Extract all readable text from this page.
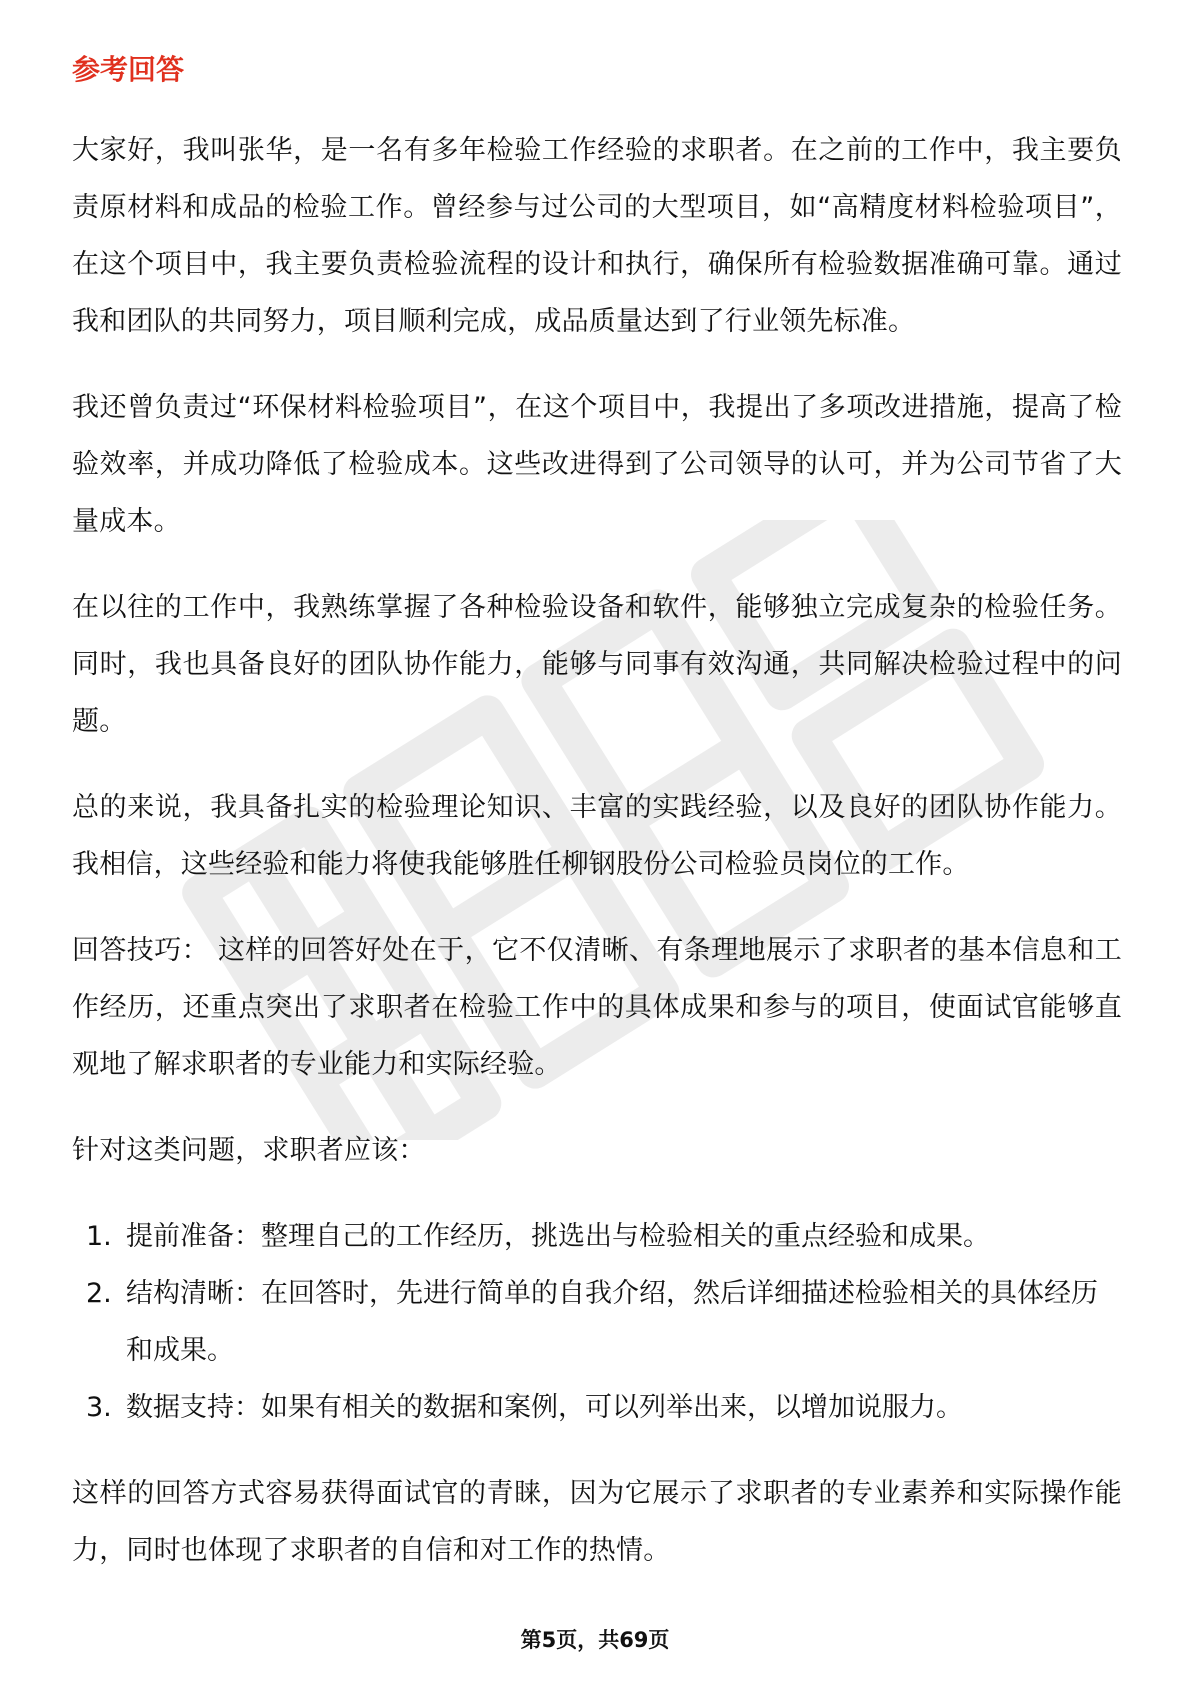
参考回答

大家好，我叫张华，是一名有多年检验工作经验的求职者。在之前的工作中，我主要负责原材料和成品的检验工作。曾经参与过公司的大型项目，如“高精度材料检验项目”，在这个项目中，我主要负责检验流程的设计和执行，确保所有检验数据准确可靠。通过我和团队的共同努力，项目顺利完成，成品质量达到了行业领先标准。

我还曾负责过“环保材料检验项目”，在这个项目中，我提出了多项改进措施，提高了检验效率，并成功降低了检验成本。这些改进得到了公司领导的认可，并为公司节省了大量成本。

在以往的工作中，我熟练掌握了各种检验设备和软件，能够独立完成复杂的检验任务。同时，我也具备良好的团队协作能力，能够与同事有效沟通，共同解决检验过程中的问题。

总的来说，我具备扎实的检验理论知识、丰富的实践经验，以及良好的团队协作能力。我相信，这些经验和能力将使我能够胜任柳钢股份公司检验员岗位的工作。

回答技巧： 这样的回答好处在于，它不仅清晰、有条理地展示了求职者的基本信息和工作经历，还重点突出了求职者在检验工作中的具体成果和参与的项目，使面试官能够直观地了解求职者的专业能力和实际经验。

针对这类问题，求职者应该：

1. 提前准备：整理自己的工作经历，挑选出与检验相关的重点经验和成果。
2. 结构清晰：在回答时，先进行简单的自我介绍，然后详细描述检验相关的具体经历和成果。
3. 数据支持：如果有相关的数据和案例，可以列举出来，以增加说服力。

这样的回答方式容易获得面试官的青睐，因为它展示了求职者的专业素养和实际操作能力，同时也体现了求职者的自信和对工作的热情。

第5页，共69页
